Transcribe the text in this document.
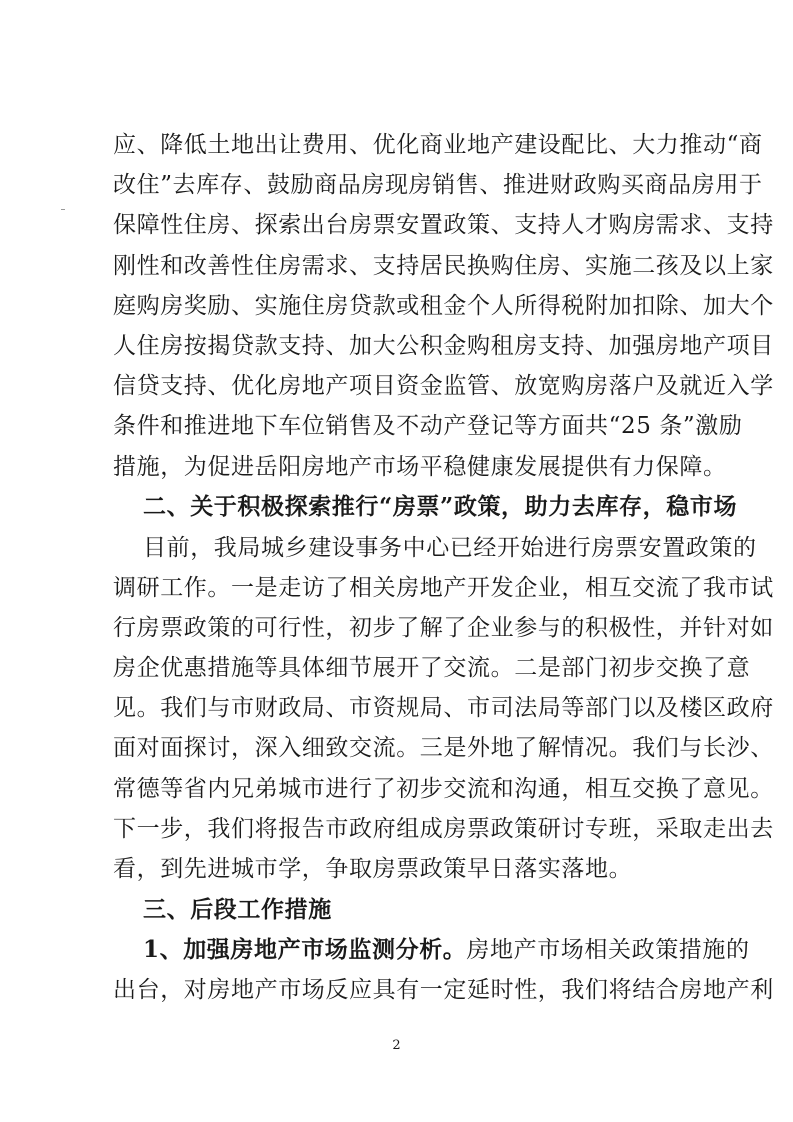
应、降低土地出让费用、优化商业地产建设配比、大力推动“商
改住”去库存、鼓励商品房现房销售、推进财政购买商品房用于
保障性住房、探索出台房票安置政策、支持人才购房需求、支持
刚性和改善性住房需求、支持居民换购住房、实施二孩及以上家
庭购房奖励、实施住房贷款或租金个人所得税附加扣除、加大个
人住房按揭贷款支持、加大公积金购租房支持、加强房地产项目
信贷支持、优化房地产项目资金监管、放宽购房落户及就近入学
条件和推进地下车位销售及不动产登记等方面共“25 条”激励
措施，为促进岳阳房地产市场平稳健康发展提供有力保障。
二、关于积极探索推行“房票”政策，助力去库存，稳市场
目前，我局城乡建设事务中心已经开始进行房票安置政策的
调研工作。一是走访了相关房地产开发企业，相互交流了我市试
行房票政策的可行性，初步了解了企业参与的积极性，并针对如
房企优惠措施等具体细节展开了交流。二是部门初步交换了意
见。我们与市财政局、市资规局、市司法局等部门以及楼区政府
面对面探讨，深入细致交流。三是外地了解情况。我们与长沙、
常德等省内兄弟城市进行了初步交流和沟通，相互交换了意见。
下一步，我们将报告市政府组成房票政策研讨专班，采取走出去
看，到先进城市学，争取房票政策早日落实落地。
三、后段工作措施
1、加强房地产市场监测分析。房地产市场相关政策措施的
出台，对房地产市场反应具有一定延时性，我们将结合房地产利
2
